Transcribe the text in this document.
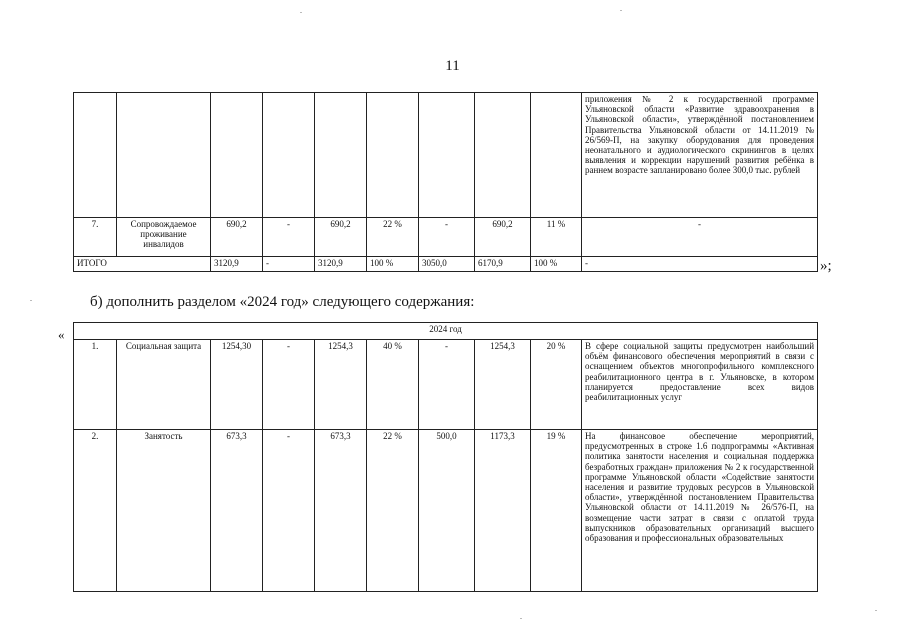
11
									приложения № 2 к государственной программе Ульяновской области «Развитие здравоохранения в Ульяновской области», утверждённой постановлением Правительства Ульяновской области от 14.11.2019 № 26/569-П, на закупку оборудования для проведения неонатального и аудиологического скринингов в целях выявления и коррекции нарушений развития ребёнка в раннем возрасте запланировано более 300,0 тыс. рублей
7.	Сопровождаемое проживание инвалидов	690,2	-	690,2	22 %	-	690,2	11 %	-
ИТОГО		3120,9	-	3120,9	100 %	3050,0	6170,9	100 %	-	»;
б) дополнить разделом «2024 год» следующего содержания:
«	2024 год									
1.	Социальная защита	1254,30	-	1254,3	40 %	-	1254,3	20 %	В сфере социальной защиты предусмотрен наибольший объём финансового обеспечения мероприятий в связи с оснащением объектов многопрофильного комплексного реабилитационного центра в г. Ульяновске, в котором планируется предоставление всех видов реабилитационных услуг
2.	Занятость	673,3	-	673,3	22 %	500,0	1173,3	19 %	На финансовое обеспечение мероприятий, предусмотренных в строке 1.6 подпрограммы «Активная политика занятости населения и социальная поддержка безработных граждан» приложения № 2 к государственной программе Ульяновской области «Содействие занятости населения и развитие трудовых ресурсов в Ульяновской области», утверждённой постановлением Правительства Ульяновской области от 14.11.2019 № 26/576-П, на возмещение части затрат в связи с оплатой труда выпускников образовательных организаций высшего образования и профессиональных образовательных
